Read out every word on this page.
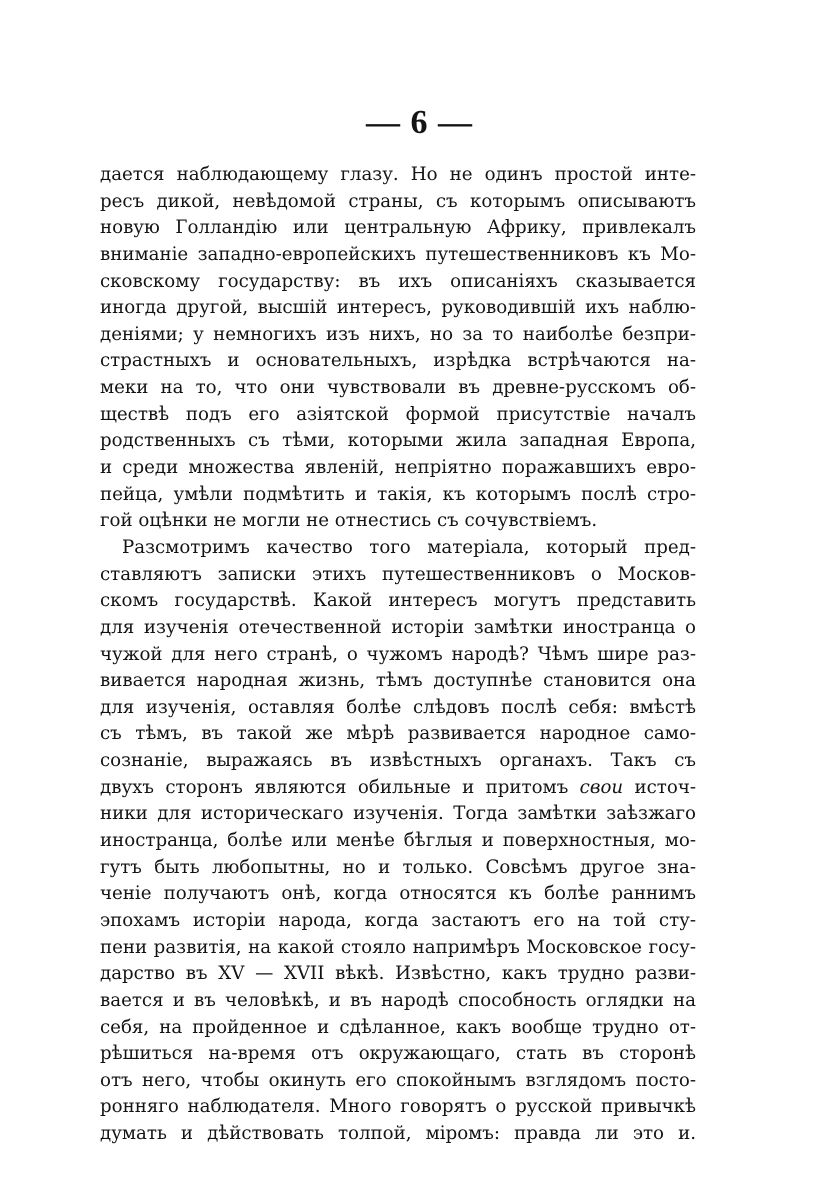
— 6 —
дается наблюдающему глазу. Но не одинъ простой инте-
ресъ дикой, невѣдомой страны, съ которымъ описываютъ
новую Голландію или центральную Африку, привлекалъ
вниманіе западно-европейскихъ путешественниковъ къ Мо-
сковскому государству: въ ихъ описаніяхъ сказывается
иногда другой, высшій интересъ, руководившій ихъ наблю-
деніями; у немногихъ изъ нихъ, но за то наиболѣе безпри-
страстныхъ и основательныхъ, изрѣдка встрѣчаются на-
меки на то, что они чувствовали въ древне-русскомъ об-
ществѣ подъ его азіятской формой присутствіе началъ
родственныхъ съ тѣми, которыми жила западная Европа,
и среди множества явленій, непріятно поражавшихъ евро-
пейца, умѣли подмѣтить и такія, къ которымъ послѣ стро-
гой оцѣнки не могли не отнестись съ сочувствіемъ.
Разсмотримъ качество того матеріала, который пред-
ставляютъ записки этихъ путешественниковъ о Москов-
скомъ государствѣ. Какой интересъ могутъ представить
для изученія отечественной исторіи замѣтки иностранца о
чужой для него странѣ, о чужомъ народѣ? Чѣмъ шире раз-
вивается народная жизнь, тѣмъ доступнѣе становится она
для изученія, оставляя болѣе слѣдовъ послѣ себя: вмѣстѣ
съ тѣмъ, въ такой же мѣрѣ развивается народное само-
сознаніе, выражаясь въ извѣстныхъ органахъ. Такъ съ
двухъ сторонъ являются обильные и притомъ свои источ-
ники для историческаго изученія. Тогда замѣтки заѣзжаго
иностранца, болѣе или менѣе бѣглыя и поверхностныя, мо-
гутъ быть любопытны, но и только. Совсѣмъ другое зна-
ченіе получаютъ онѣ, когда относятся къ болѣе раннимъ
эпохамъ исторіи народа, когда застаютъ его на той сту-
пени развитія, на какой стояло напримѣръ Московское госу-
дарство въ XV — XVII вѣкѣ. Извѣстно, какъ трудно разви-
вается и въ человѣкѣ, и въ народѣ способность оглядки на
себя, на пройденное и сдѣланное, какъ вообще трудно от-
рѣшиться на-время отъ окружающаго, стать въ сторонѣ
отъ него, чтобы окинуть его спокойнымъ взглядомъ посто-
ронняго наблюдателя. Много говорятъ о русской привычкѣ
думать и дѣйствовать толпой, міромъ: правда ли это и.
